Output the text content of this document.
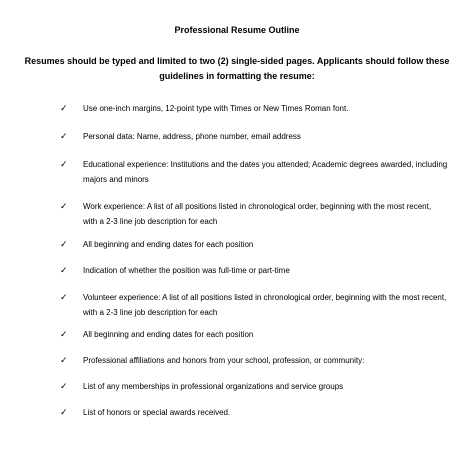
Professional Resume Outline
Resumes should be typed and limited to two (2) single-sided pages. Applicants should follow these
guidelines in formatting the resume:
✓ Use one-inch margins, 12-point type with Times or New Times Roman font.
✓ Personal data: Name, address, phone number, email address
✓ Educational experience: Institutions and the dates you attended; Academic degrees awarded, including
majors and minors
✓ Work experience: A list of all positions listed in chronological order, beginning with the most recent,
with a 2-3 line job description for each
✓ All beginning and ending dates for each position
✓ Indication of whether the position was full-time or part-time
✓ Volunteer experience: A list of all positions listed in chronological order, beginning with the most recent,
with a 2-3 line job description for each
✓ All beginning and ending dates for each position
✓ Professional affiliations and honors from your school, profession, or community:
✓ List of any memberships in professional organizations and service groups
✓ List of honors or special awards received.
